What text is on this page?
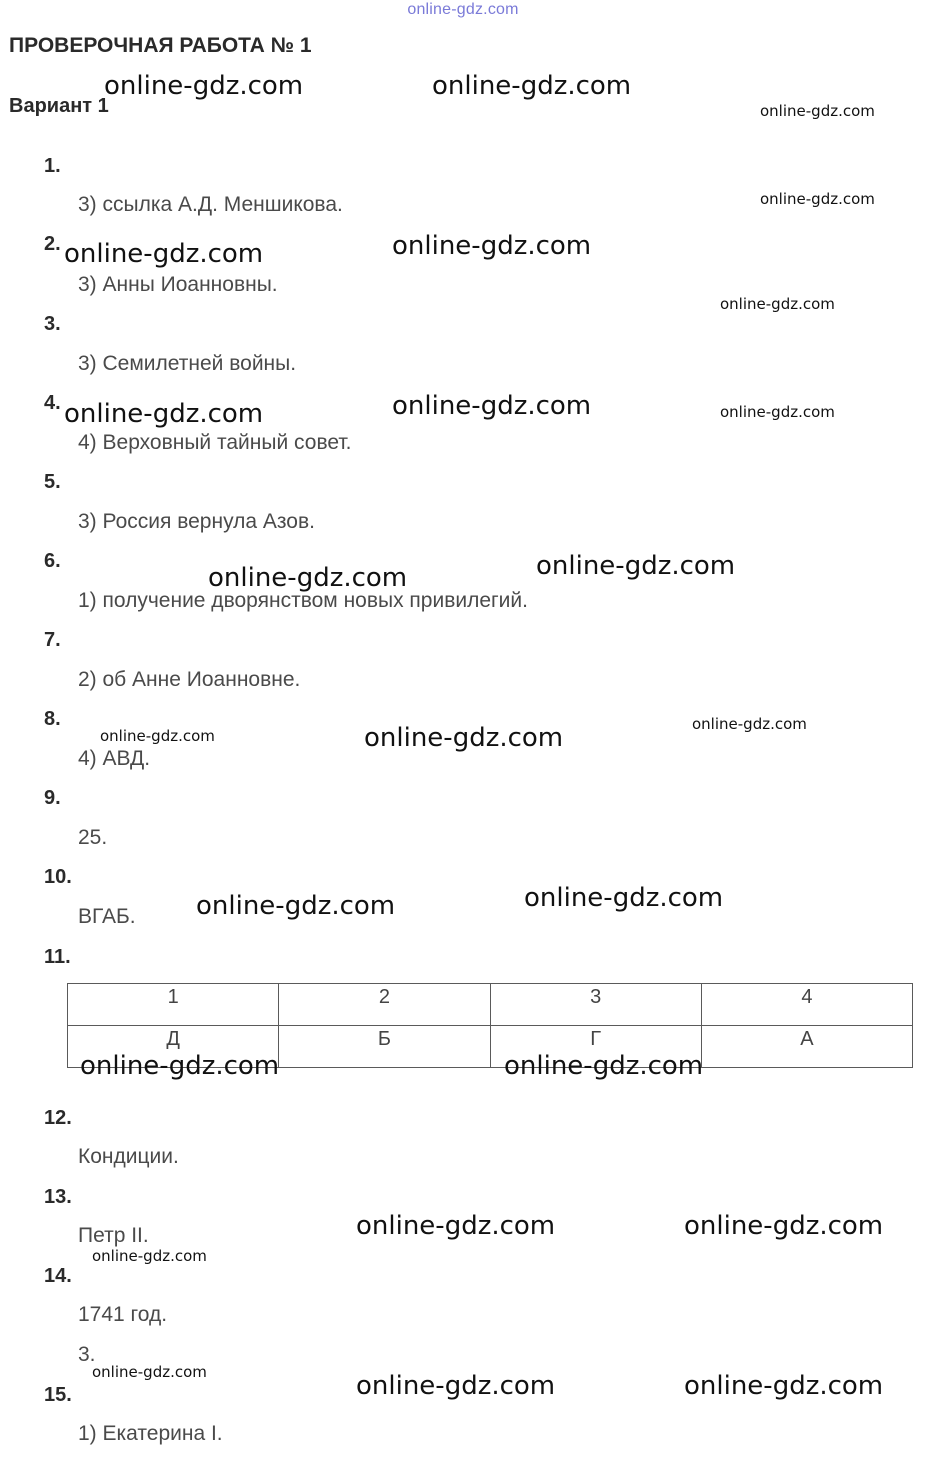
online-gdz.com
ПРОВЕРОЧНАЯ РАБОТА № 1
Вариант 1
1.
3) ссылка А.Д. Меншикова.
2.
3) Анны Иоанновны.
3.
3) Семилетней войны.
4.
4) Верховный тайный совет.
5.
3) Россия вернула Азов.
6.
1) получение дворянством новых привилегий.
7.
2) об Анне Иоанновне.
8.
4) АВД.
9.
25.
10.
ВГАБ.
11.
1	2	3	4
Д	Б	Г	А
12.
Кондиции.
13.
Петр II.
14.
1741 год.
3.
15.
1) Екатерина I.
online-gdz.com	online-gdz.com
online-gdz.com
online-gdz.com
online-gdz.com	online-gdz.com
online-gdz.com
online-gdz.com	online-gdz.com	online-gdz.com
online-gdz.com	online-gdz.com
online-gdz.com	online-gdz.com	online-gdz.com
online-gdz.com	online-gdz.com
online-gdz.com	online-gdz.com
online-gdz.com	online-gdz.com
online-gdz.com
online-gdz.com	online-gdz.com	online-gdz.com
